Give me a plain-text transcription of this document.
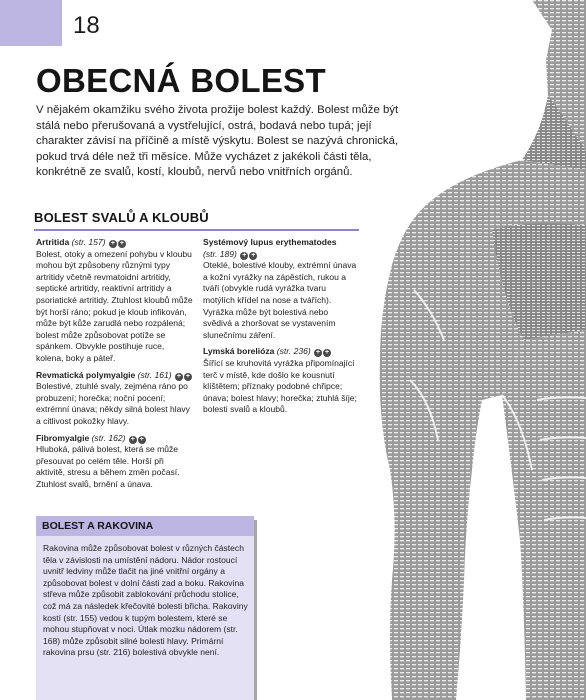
18
OBECNÁ BOLEST

V nějakém okamžiku svého života prožije bolest každý. Bolest může být stálá nebo přerušovaná a vystřelující, ostrá, bodavá nebo tupá; její charakter závisí na příčině a místě výskytu. Bolest se nazývá chronická, pokud trvá déle než tři měsíce. Může vycházet z jakékoli části těla, konkrétně ze svalů, kostí, kloubů, nervů nebo vnitřních orgánů.

BOLEST SVALŮ A KLOUBŮ
Artritida (str. 157) + +
Bolest, otoky a omezení pohybu v kloubu mohou být způsobeny různými typy artritidy včetně revmatoidní artritidy, septické artritidy, reaktivní artritidy a psoriatické artritidy. Ztuhlost kloubů může být horší ráno; pokud je kloub infikován, může být kůže zarudlá nebo rozpálená; bolest může způsobovat potíže se spánkem. Obvykle postihuje ruce, kolena, boky a páteř.
Revmatická polymyalgie (str. 161) + +
Bolestivé, ztuhlé svaly, zejména ráno po probuzení; horečka; noční pocení; extrémní únava; někdy silná bolest hlavy a citlivost pokožky hlavy.
Fibromyalgie (str. 162) + +
Hluboká, pálivá bolest, která se může přesouvat po celém těle. Horší při aktivitě, stresu a během změn počasí. Ztuhlost svalů, brnění a únava.
Systémový lupus erythematodes
(str. 189) + +
Oteklé, bolestivé klouby, extrémní únava a kožní vyrážky na zápěstích, rukou a tváři (obvykle rudá vyrážka tvaru motýlích křídel na nose a tvářích). Vyrážka může být bolestivá nebo svědivá a zhoršovat se vystavením slunečnímu záření.
Lymská borelióza (str. 236) + +
Šířící se kruhovitá vyrážka připomínající terč v místě, kde došlo ke kousnutí klíštětem; příznaky podobné chřipce; únava; bolest hlavy; horečka; ztuhlá šíje; bolesti svalů a kloubů.
BOLEST A RAKOVINA
Rakovina může způsobovat bolest v různých částech těla v závislosti na umístění nádoru. Nádor rostoucí uvnitř ledviny může tlačit na jiné vnitřní orgány a způsobovat bolest v dolní části zad a boku. Rakovina střeva může způsobit zablokování průchodu stolice, což má za následek křečovité bolesti břicha. Rakoviny kostí (str. 155) vedou k tupým bolestem, které se mohou stupňovat v noci. Útlak mozku nádorem (str. 168) může způsobit silné bolesti hlavy. Primární rakovina prsu (str. 216) bolestivá obvykle není.
